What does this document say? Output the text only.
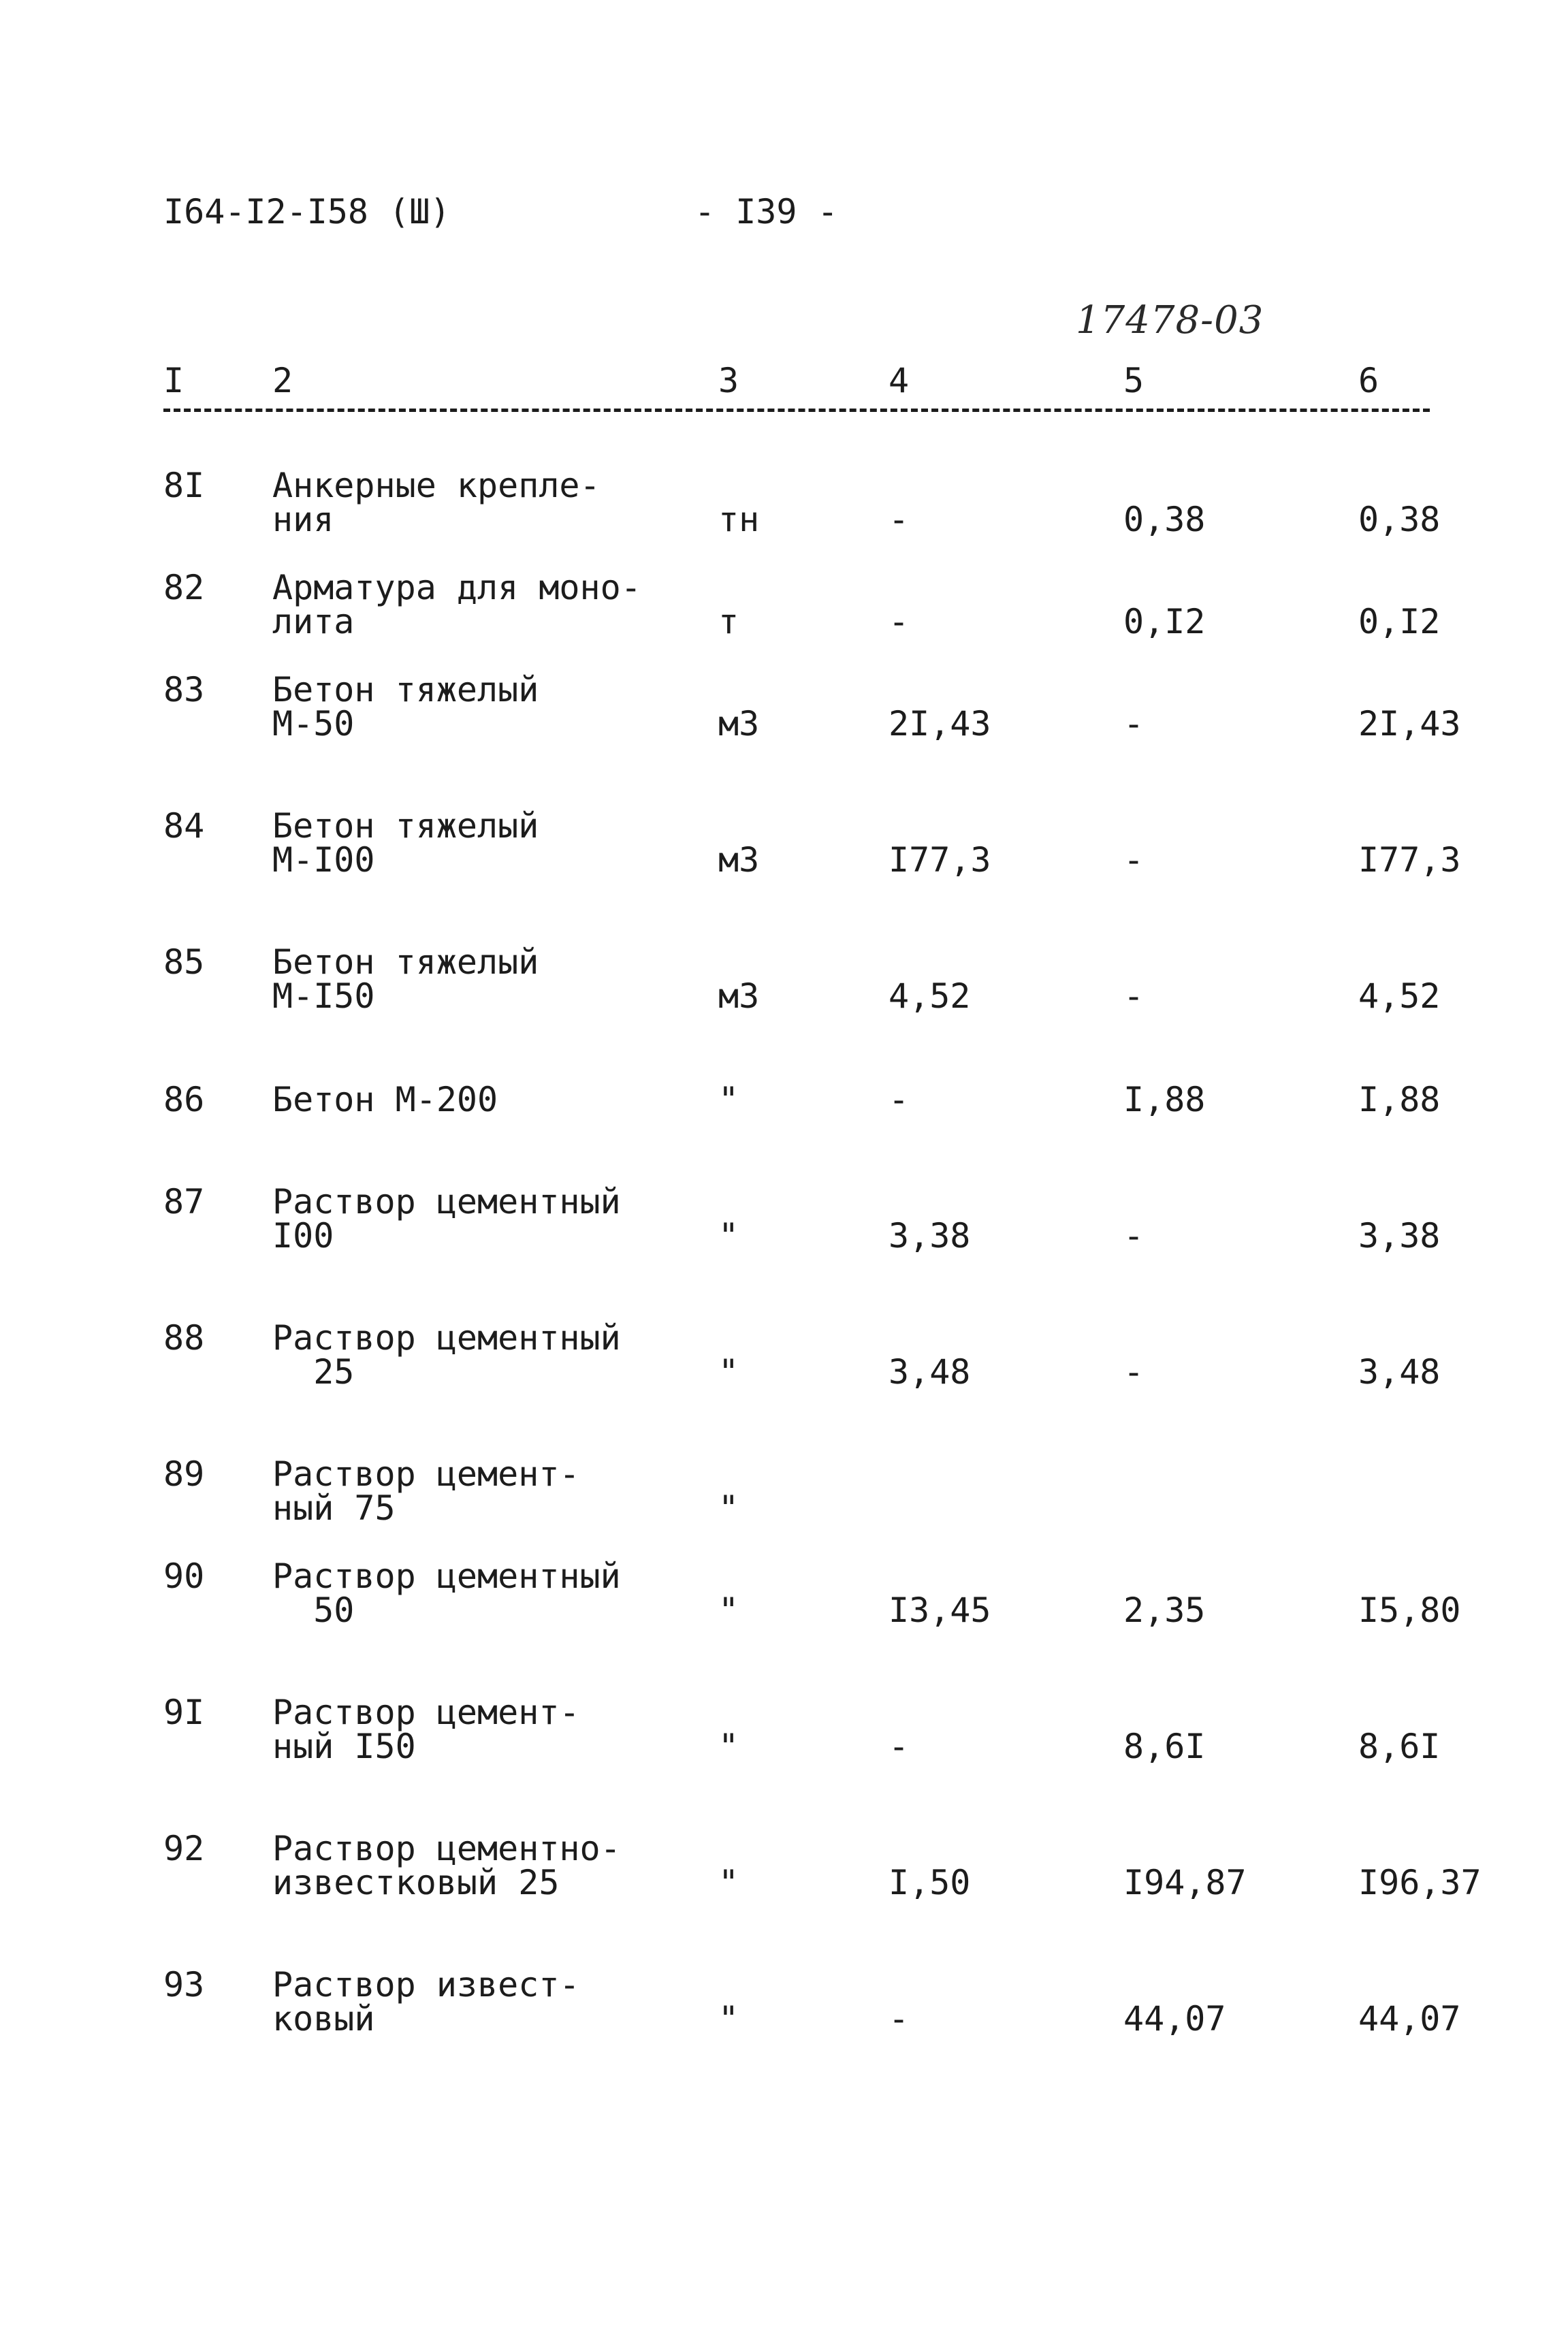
I64-I2-I58 (Ш)	- I39 -
17478-03
I	2	3	4	5	6
8I Анкерные крепле-
ния	тн	-	0,38	0,38
82 Арматура для моно-
лита	т	-	0,I2	0,I2
83 Бетон тяжелый
М-50	м3	2I,43	-	2I,43
84 Бетон тяжелый
М-I00	м3	I77,3	-	I77,3
85 Бетон тяжелый
М-I50	м3	4,52	-	4,52
86 Бетон М-200	"	-	I,88	I,88
87 Раствор цементный
I00	"	3,38	-	3,38
88 Раствор цементный
25	"	3,48	-	3,48
89 Раствор цемент-
ный 75	"
90 Раствор цементный
50	"	I3,45	2,35	I5,80
9I Раствор цемент-
ный I50	"	-	8,6I	8,6I
92 Раствор цементно-
известковый 25	"	I,50	I94,87	I96,37
93 Раствор извест-
ковый	"	-	44,07	44,07
